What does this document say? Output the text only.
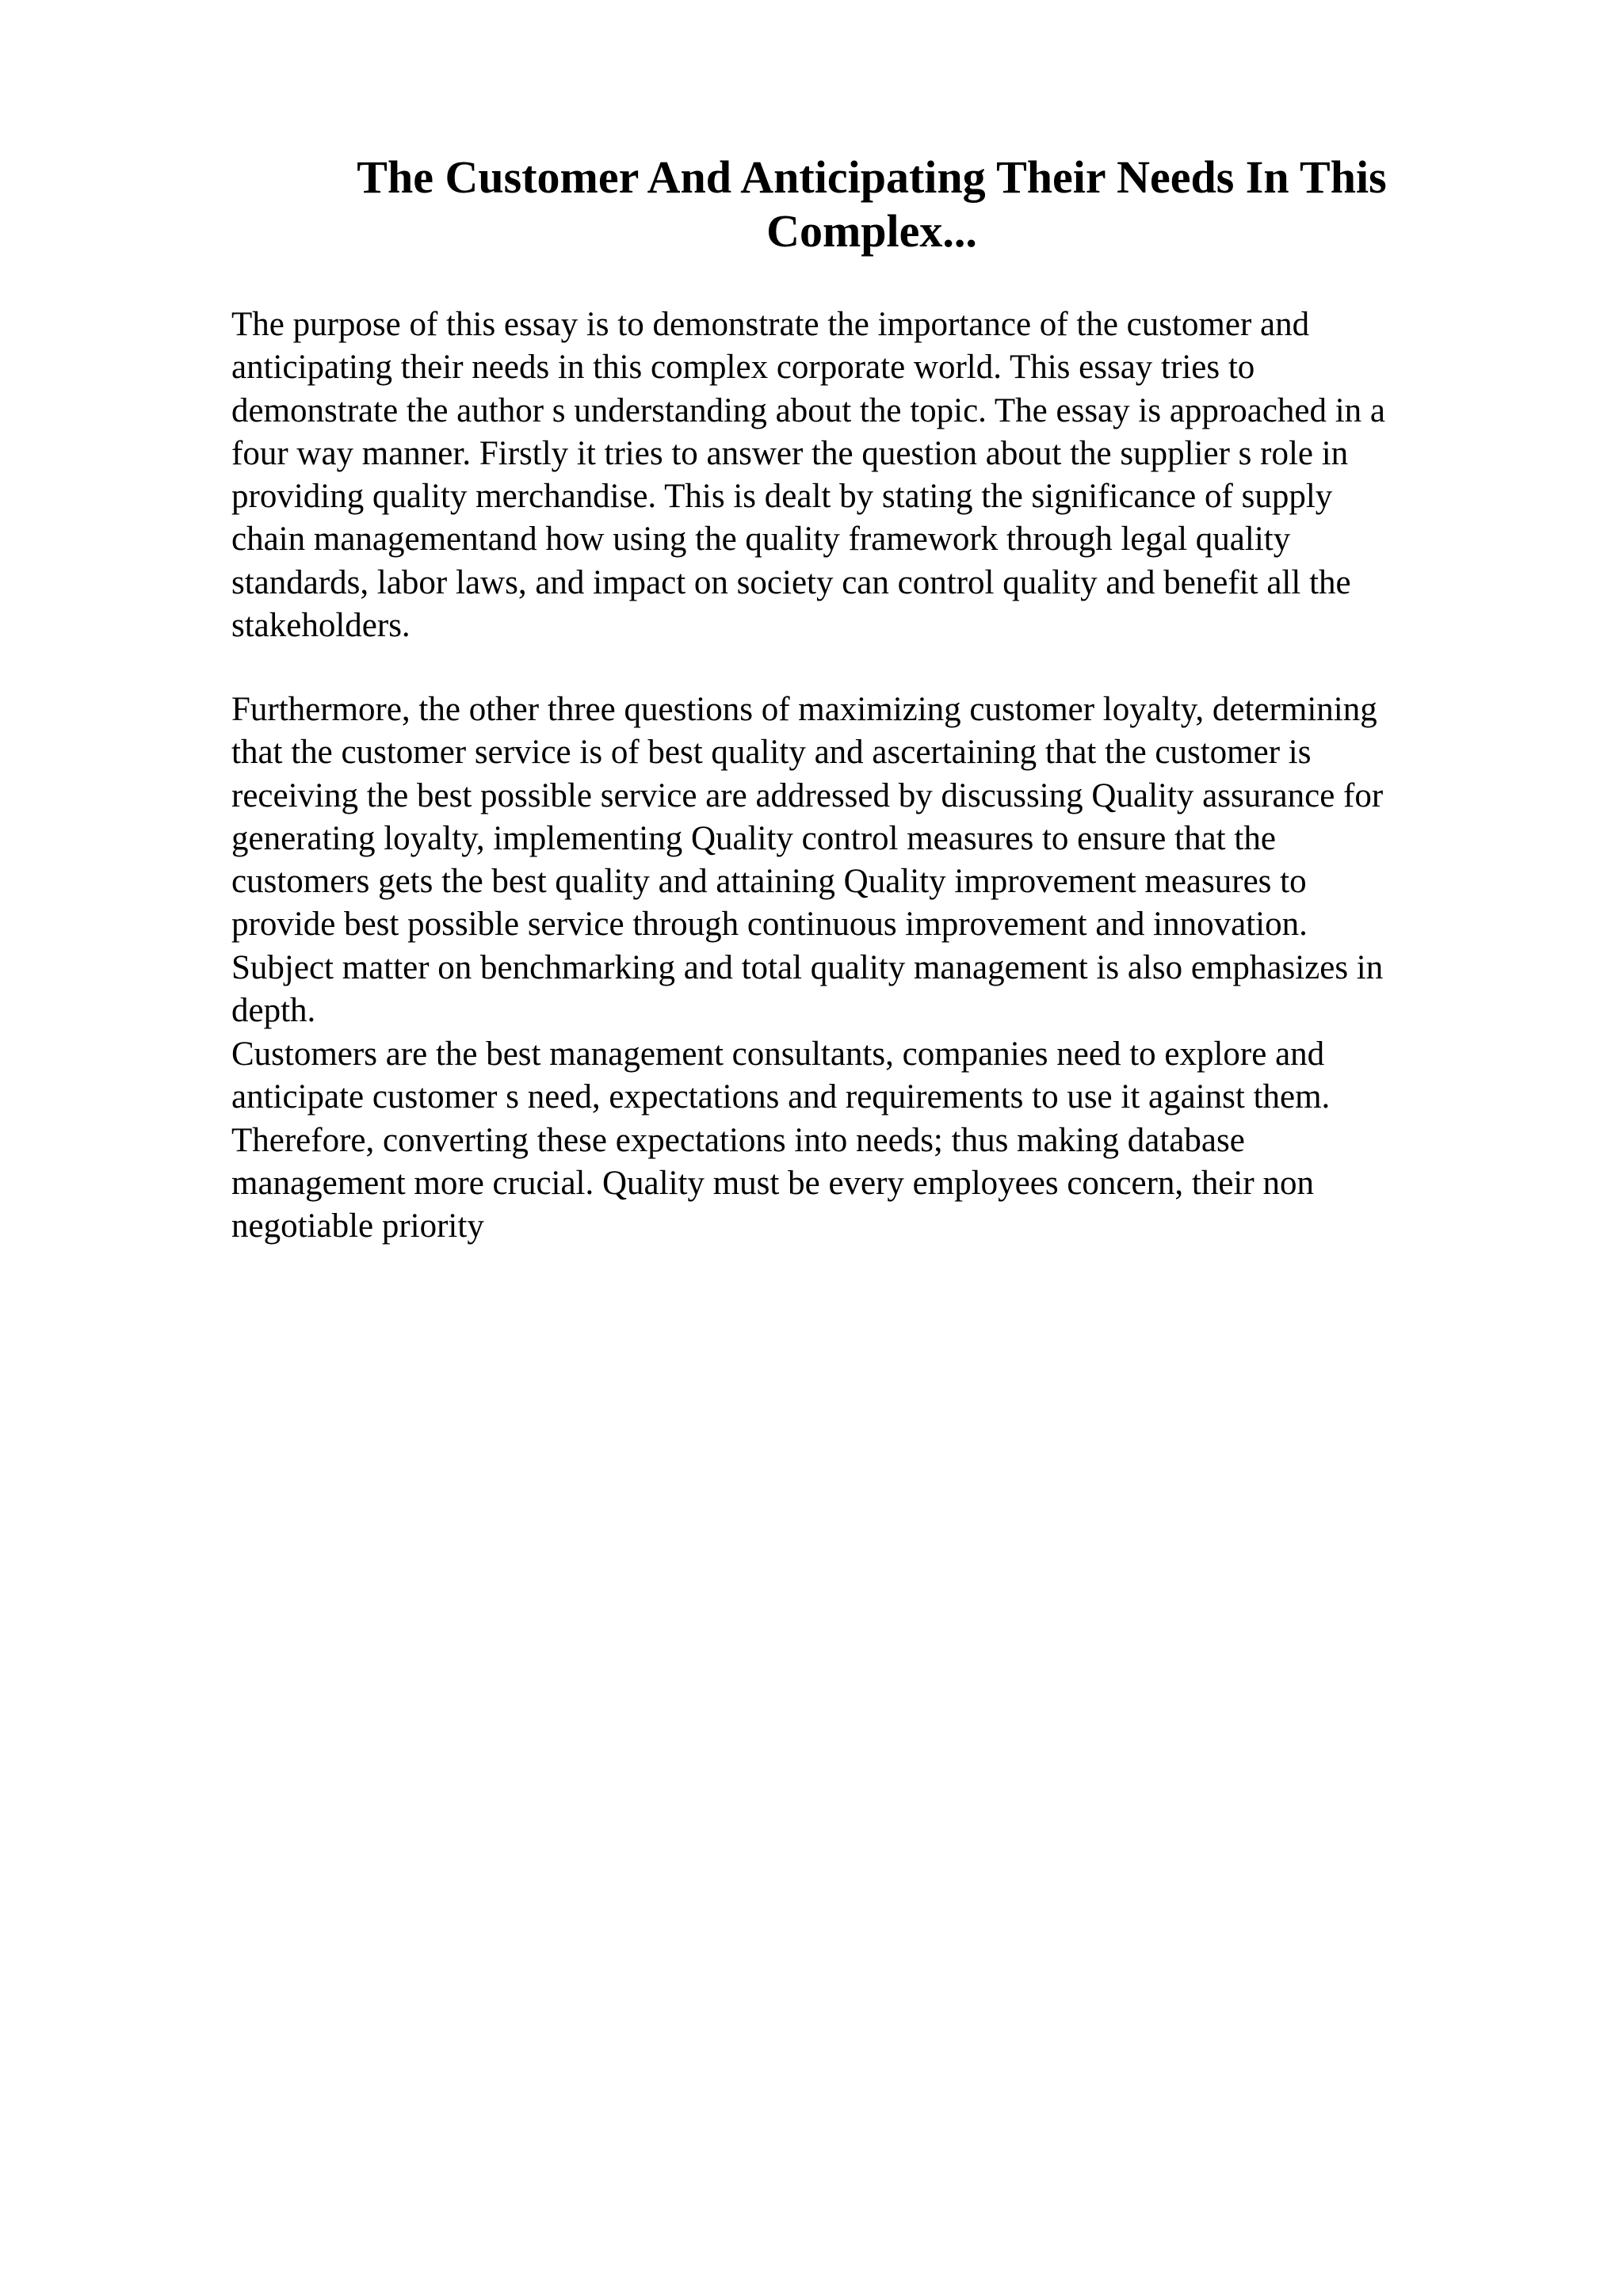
The Customer And Anticipating Their Needs In This
Complex...

The purpose of this essay is to demonstrate the importance of the customer and
anticipating their needs in this complex corporate world. This essay tries to
demonstrate the author s understanding about the topic. The essay is approached in a
four way manner. Firstly it tries to answer the question about the supplier s role in
providing quality merchandise. This is dealt by stating the significance of supply
chain managementand how using the quality framework through legal quality
standards, labor laws, and impact on society can control quality and benefit all the
stakeholders.

Furthermore, the other three questions of maximizing customer loyalty, determining
that the customer service is of best quality and ascertaining that the customer is
receiving the best possible service are addressed by discussing Quality assurance for
generating loyalty, implementing Quality control measures to ensure that the
customers gets the best quality and attaining Quality improvement measures to
provide best possible service through continuous improvement and innovation.
Subject matter on benchmarking and total quality management is also emphasizes in
depth.

Customers are the best management consultants, companies need to explore and
anticipate customer s need, expectations and requirements to use it against them.
Therefore, converting these expectations into needs; thus making database
management more crucial. Quality must be every employees concern, their non
negotiable priority
